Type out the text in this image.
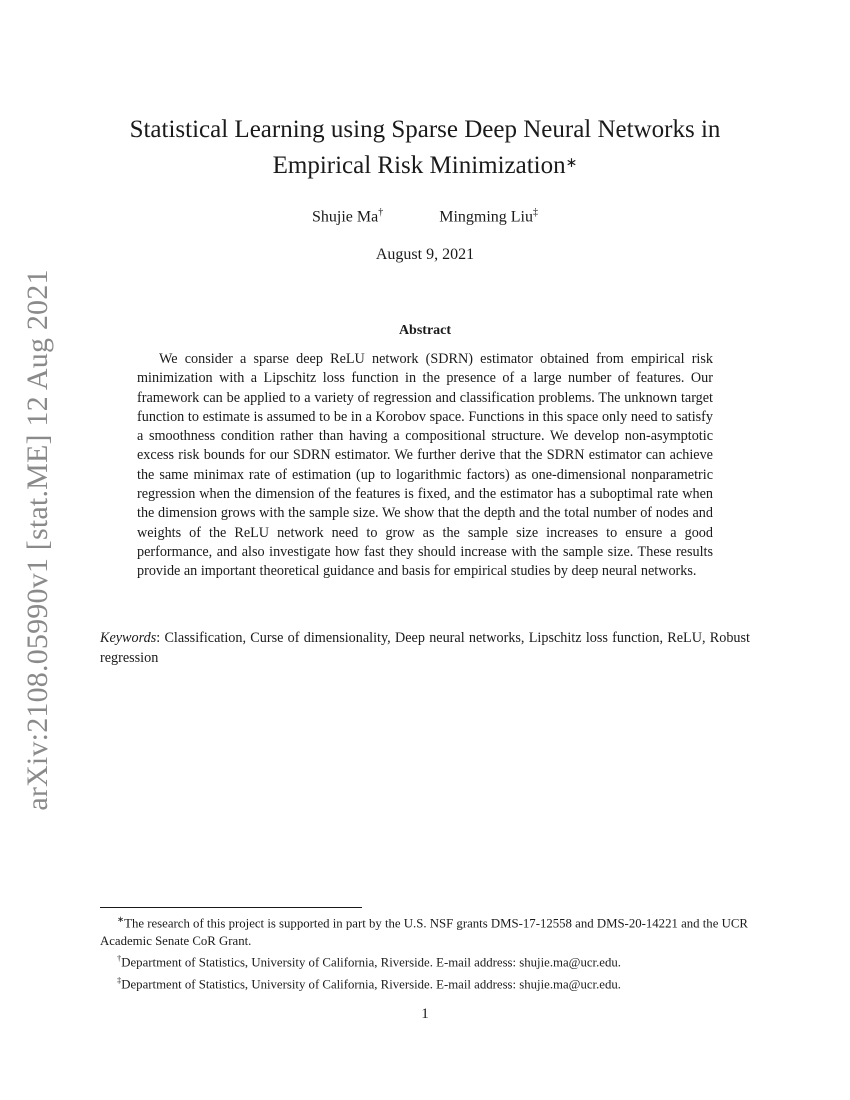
arXiv:2108.05990v1 [stat.ME] 12 Aug 2021
Statistical Learning using Sparse Deep Neural Networks in
Empirical Risk Minimization∗
Shujie Ma†	Mingming Liu‡
August 9, 2021
Abstract
We consider a sparse deep ReLU network (SDRN) estimator obtained from empirical risk minimization with a Lipschitz loss function in the presence of a large number of features. Our framework can be applied to a variety of regression and classification problems. The unknown target function to estimate is assumed to be in a Korobov space. Functions in this space only need to satisfy a smoothness condition rather than having a compositional structure. We develop non-asymptotic excess risk bounds for our SDRN estimator. We further derive that the SDRN estimator can achieve the same minimax rate of estimation (up to logarithmic factors) as one-dimensional nonparametric regression when the dimension of the features is fixed, and the estimator has a suboptimal rate when the dimension grows with the sample size. We show that the depth and the total number of nodes and weights of the ReLU network need to grow as the sample size increases to ensure a good performance, and also investigate how fast they should increase with the sample size. These results provide an important theoretical guidance and basis for empirical studies by deep neural networks.
Keywords: Classification, Curse of dimensionality, Deep neural networks, Lipschitz loss function, ReLU, Robust regression
∗The research of this project is supported in part by the U.S. NSF grants DMS-17-12558 and DMS-20-14221 and the UCR Academic Senate CoR Grant.
†Department of Statistics, University of California, Riverside. E-mail address: shujie.ma@ucr.edu.
‡Department of Statistics, University of California, Riverside. E-mail address: shujie.ma@ucr.edu.
1
